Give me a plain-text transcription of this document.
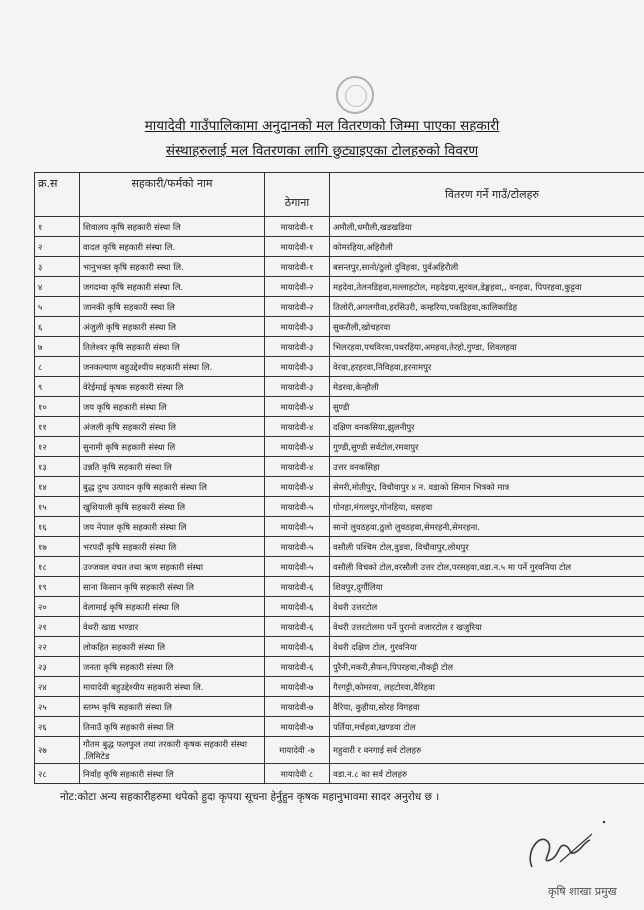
मायादेवी गाउँपालिकामा अनुदानको मल वितरणको जिम्मा पाएका सहकारी
संस्थाहरुलाई मल वितरणका लागि छुट्याइएका टोलहरुको विवरण
क्र.स	सहकारी/फर्मको नाम	ठेगाना	वितरण गर्ने गाउँ/टोलहरु
१	शिवालय कृषि सहकारी संस्था लि	मायादेवी-१	अमौली,धमौली,खडखडिया
२	वादल कृषि सहकारी संस्था लि.	मायादेवी-१	कोमरहिया,अहिरौली
३	भानुभक्त कृषि सहकारी स्स्था लि.	मायादेवी-१	बसन्तपुर,सानो/ठुलो दुविहवा, पुर्वअहिरौली
४	जगदम्वा कृषि सहकारी संस्था लि.	मायादेवी-२	महदेवा,तेलनडिहवा,मल्लाहटोल, महदेइया,सुरवल,डेङ्घहवा,, वनहवा, पिपरहवा,कुट्टवा
५	जानकी कृषि सहकारी स्स्था लि	मायादेवी-२	तिलोरी,अगलगौवा,हरसिउरी, कम्हरिया,पकडिहवा,कालिकाडिह
६	अंजुली कृषि सहकारी संस्था लि	मायादेवी-३	सुकरौली,खोचहरवा
७	तिलेश्वर कृषि सहकारी संस्था लि	मायादेवी-३	भिलरहवा,पचविरवा,पथरहिया,अमहवा,तेरहो,गुण्डा, शिवलहवा
८	जनकल्याण बहुउद्देश्यीय सहकारी संस्था लि.	मायादेवी-३	वेरवा,हरहरवा,निविहवा,हरनामपुर
९	वेरेईमाई कृषक सहकारी संस्था लि	मायादेवी-३	मेडरवा,केन्हौली
१०	जय कृषि सहकारी संस्था लि	मायादेवी-४	सुण्डी
११	अंजली कृषि सहकारी संस्था लि	मायादेवी-४	दक्षिण वनकसिया,झुलनीपुर
१२	सुनामी कृषि सहकारी संस्था लि	मायादेवी-४	गुण्डी,सुण्डी सर्वटोल,रमवापुर
१३	उन्नति कृषि सहकारी संस्था लि	मायादेवी-४	उत्तर वनकसिहा
१४	बुद्ध दुग्ध उत्पादन कृषि सहकारी संस्था लि	मायादेवी-४	सेमरी,मोतीपुर, विचौवापुर ४ न. वडाको सिमान भित्रको मात्र
१५	खुशियाली कृषि सहकारी संस्था लि	मायादेवी-५	गोनहा,मंगलपुर,गोनहिया, वसहवा
१६	जय नेपाल कृषि सहकारी संस्था लि	मायादेवी-५	सानो लुवठहवा,ठुलो लुवठहवा,सेमरहनी,सेमरहना.
१७	भरपदौं कृषि सहकारी संस्था लि	मायादेवी-५	वसौली पश्चिम टोल,वुडवा, विचौवापुर,लोधपुर
१८	उज्जवल वचत तथा ऋण सहकारी संस्था	मायादेवी-५	वसौली विचको टोल,वरसौली उत्तर टोल,परसहवा,वडा.न.५ मा पर्ने गुरवनिया टोल
१९	साना किसान कृषि सहकारी संस्था लि	मायादेवी-६	शिवपुर,दुर्गौलिया
२०	वेलामाई कृषि सहकारी संस्था लि	मायादेवी-६	वेथरी उत्तरटोल
२१	वेथरी खाद्य भण्डार	मायादेवी-६	वेथरी उत्तरटोलमा पर्ने पुरानो वजारटोल र खजुरिया
२२	लोकहित सहकारी संस्था लि	मायादेवी-६	वेथरी दक्षिण टोल, गुरवनिया
२३	जनता कृषि सहकारी संस्था लि	मायादेवी-६	पुरैनी,मकरी,सैफन,पिपरहवा,नौकट्टी टोल
२४	मायादेवी बहुउद्देश्यीय सहकारी संस्था लि.	मायादेवी-७	गैरगट्टी,कोमरवा, लहटोरवा,वैरिहवा
२५	स्तम्भ कृषि सहकारी संस्था लि	मायादेवी-७	वैरिया, कुहीया,सोरह विगहवा
२६	तिनाउँ कृषि सहकारी संस्था लि	मायादेवी-७	पर्तिया,मर्चहवा,खण्डवा टोल
२७	गौतम बुद्ध फलफुल तथा तरकारी कृषक सहकारी संस्था .लिमिटेड	मायादेवी -७	महुवारी र वनगाई सर्व टोलहरु
२८	निर्वाह कृषि सहकारी संस्था लि	मायादेवी ८	वडा.न.८ का सर्व टोलहरु
नोट:कोटा अन्य सहकारीहरुमा थपेको हुदा कृपया सूचना हेर्नुहुन कृषक महानुभावमा सादर अनुरोध छ ।
कृषि शाखा प्रमुख
